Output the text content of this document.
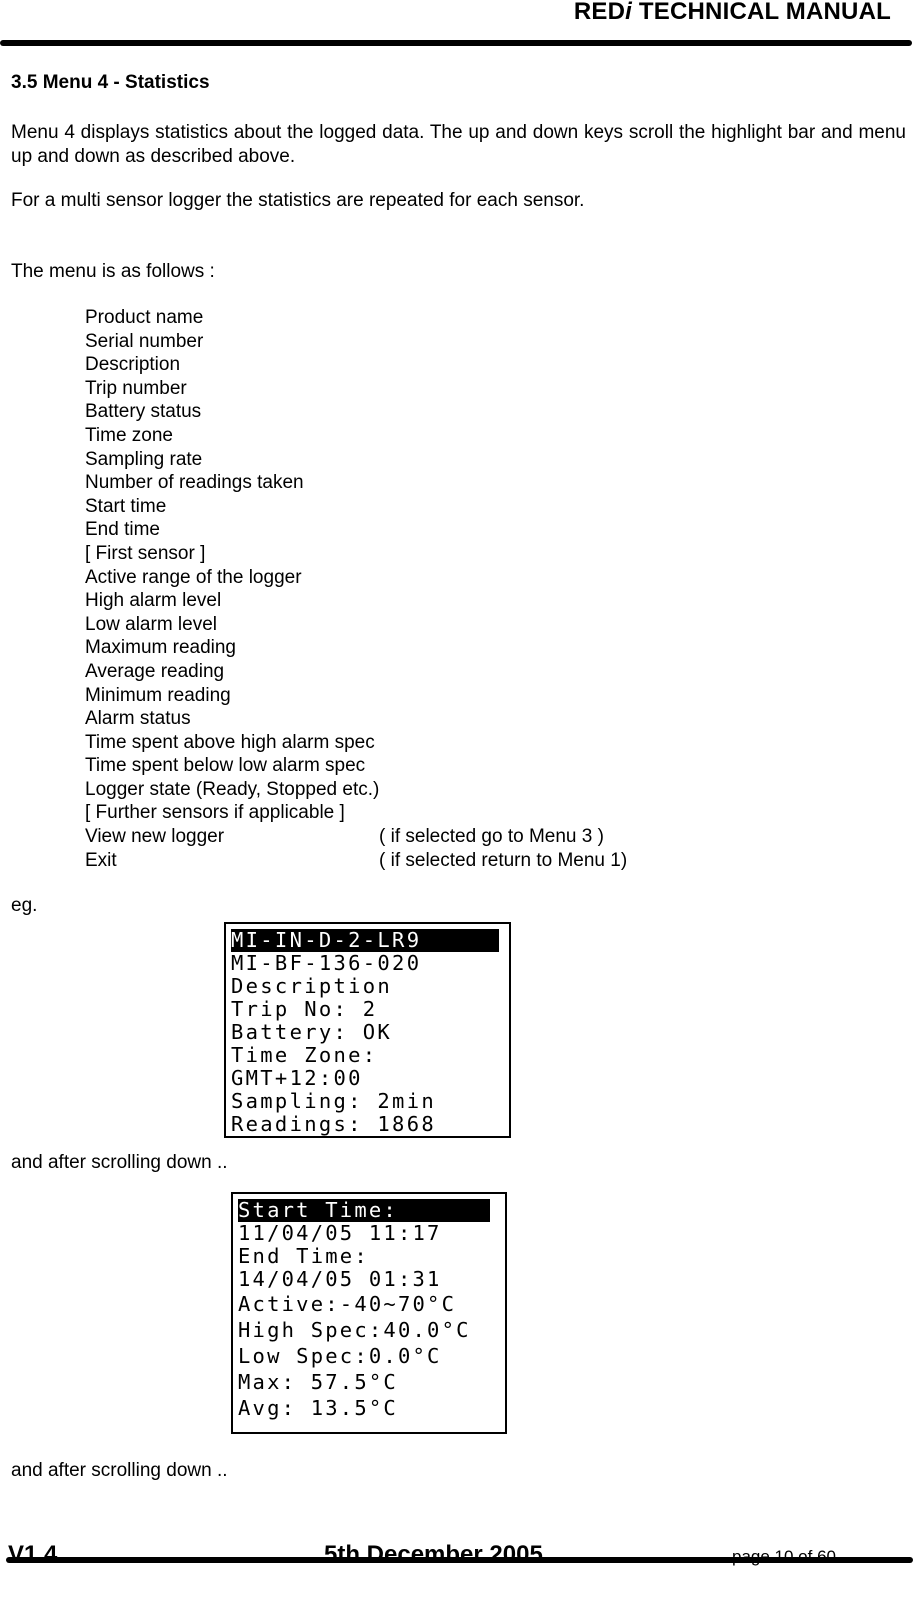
REDi TECHNICAL MANUAL
3.5 Menu 4 - Statistics
Menu 4 displays statistics about the logged data. The up and down keys scroll the highlight bar and menu up and down as described above.
For a multi sensor logger the statistics are repeated for each sensor.
The menu is as follows :
Product name
Serial number
Description
Trip number
Battery status
Time zone
Sampling rate
Number of readings taken
Start time
End time
[ First sensor ]
Active range of the logger
High alarm level
Low alarm level
Maximum reading
Average reading
Minimum reading
Alarm status
Time spent above high alarm spec
Time spent below low alarm spec
Logger state (Ready, Stopped etc.)
[ Further sensors if applicable ]
View new logger	( if selected go to Menu 3 )
Exit	( if selected return to Menu 1)
eg.
MI-IN-D-2-LR9
MI-BF-136-020
Description
Trip No: 2
Battery: OK
Time Zone:
GMT+12:00
Sampling: 2min
Readings: 1868
and after scrolling down ..
Start Time:
11/04/05 11:17
End Time:
14/04/05 01:31
Active:-40~70°C
High Spec:40.0°C
Low Spec:0.0°C
Max: 57.5°C
Avg: 13.5°C
and after scrolling down ..
V1.4	5th December 2005	page 10 of 60
